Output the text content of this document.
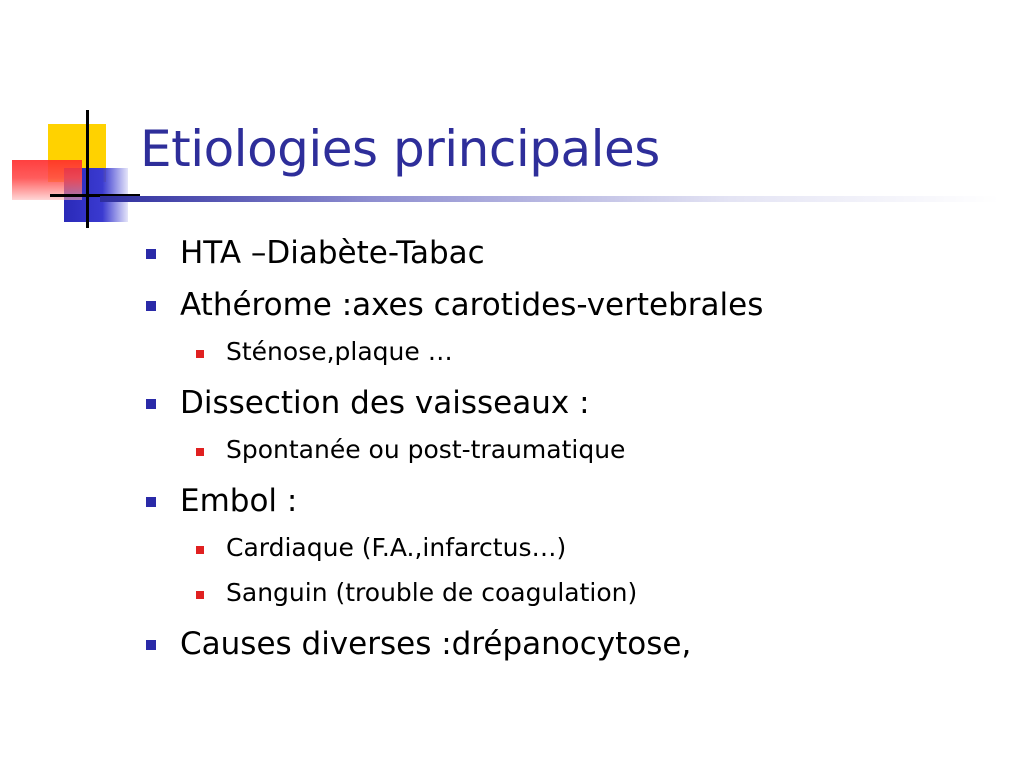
Etiologies principales
HTA –Diabète-Tabac
Athérome :axes carotides-vertebrales
Sténose,plaque …
Dissection des vaisseaux :
Spontanée ou post-traumatique
Embol :
Cardiaque (F.A.,infarctus…)
Sanguin (trouble de coagulation)
Causes diverses :drépanocytose,
